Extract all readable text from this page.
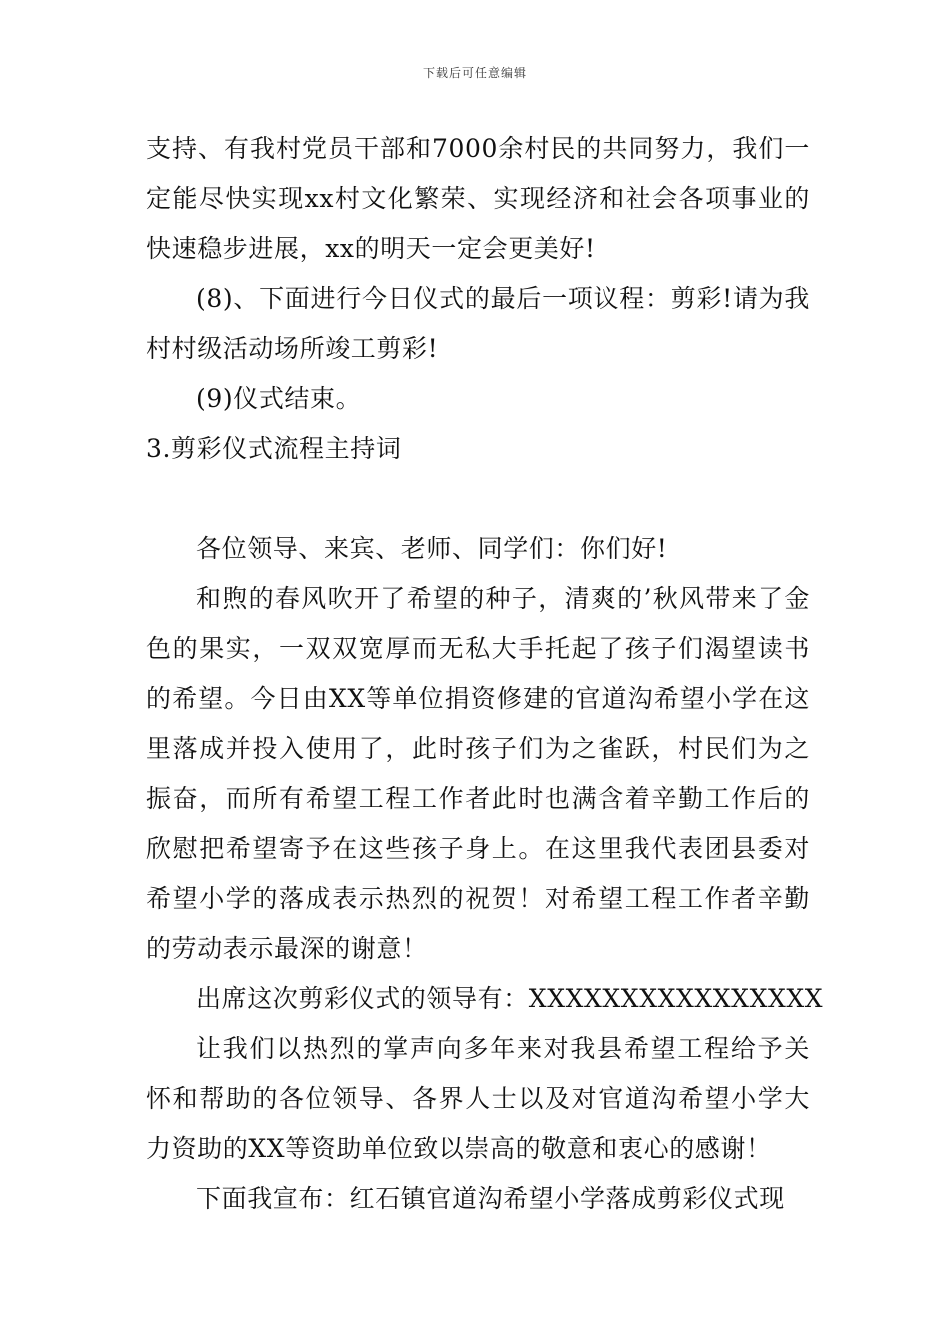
下载后可任意编辑

支持、有我村党员干部和7000余村民的共同努力，我们一定能尽快实现xx村文化繁荣、实现经济和社会各项事业的快速稳步进展，xx的明天一定会更美好!

(8)、下面进行今日仪式的最后一项议程：剪彩!请为我村村级活动场所竣工剪彩!

(9)仪式结束。

3.剪彩仪式流程主持词

各位领导、来宾、老师、同学们：你们好!

和煦的春风吹开了希望的种子，清爽的’秋风带来了金色的果实，一双双宽厚而无私大手托起了孩子们渴望读书的希望。今日由XX等单位捐资修建的官道沟希望小学在这里落成并投入使用了，此时孩子们为之雀跃，村民们为之振奋，而所有希望工程工作者此时也满含着辛勤工作后的欣慰把希望寄予在这些孩子身上。在这里我代表团县委对希望小学的落成表示热烈的祝贺！对希望工程工作者辛勤的劳动表示最深的谢意！

出席这次剪彩仪式的领导有：XXXXXXXXXXXXXXXX

让我们以热烈的掌声向多年来对我县希望工程给予关怀和帮助的各位领导、各界人士以及对官道沟希望小学大力资助的XX等资助单位致以崇高的敬意和衷心的感谢！

下面我宣布：红石镇官道沟希望小学落成剪彩仪式现
